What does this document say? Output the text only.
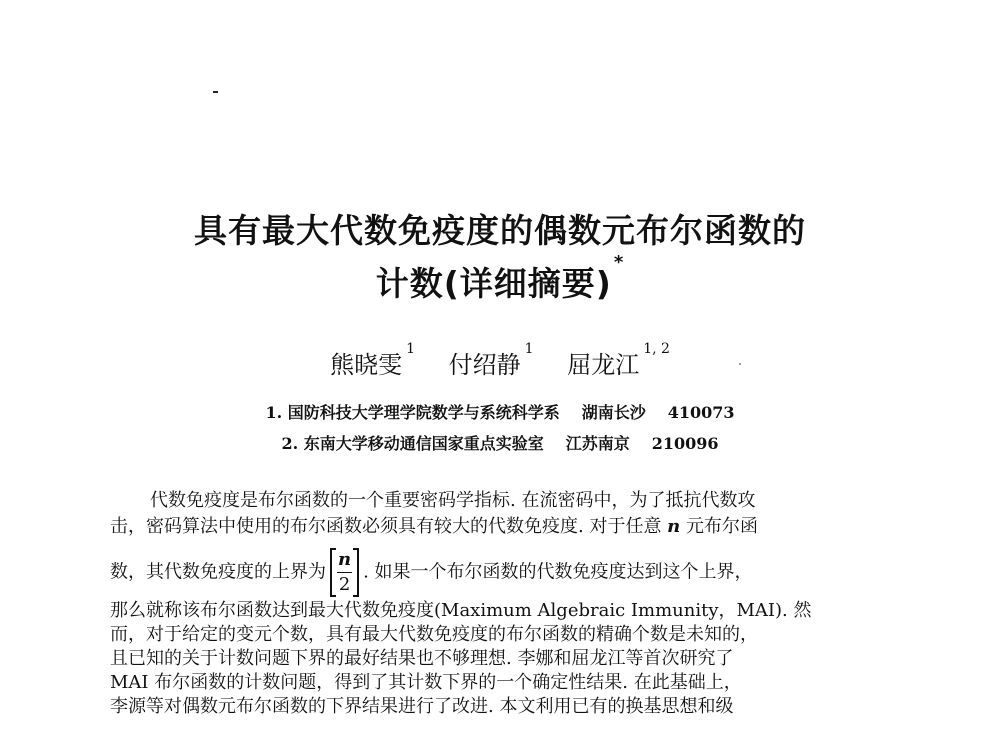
具有最大代数免疫度的偶数元布尔函数的
计数(详细摘要)*
熊晓雯$^1$ 付绍静$^1$ 屈龙江$^{1, 2}$
1. 国防科技大学理学院数学与系统科学系 湖南长沙 410073
2. 东南大学移动通信国家重点实验室 江苏南京 210096
代数免疫度是布尔函数的一个重要密码学指标. 在流密码中，为了抵抗代数攻
击，密码算法中使用的布尔函数必须具有较大的代数免疫度. 对于任意 n 元布尔函
数，其代数免疫度的上界为 $\frac{n}{2}$ . 如果一个布尔函数的代数免疫度达到这个上界，
那么就称该布尔函数达到最大代数免疫度(Maximum Algebraic Immunity，MAI). 然
而，对于给定的变元个数，具有最大代数免疫度的布尔函数的精确个数是未知的，
且已知的关于计数问题下界的最好结果也不够理想. 李娜和屈龙江等首次研究了
MAI 布尔函数的计数问题，得到了其计数下界的一个确定性结果. 在此基础上，
李源等对偶数元布尔函数的下界结果进行了改进. 本文利用已有的换基思想和级
